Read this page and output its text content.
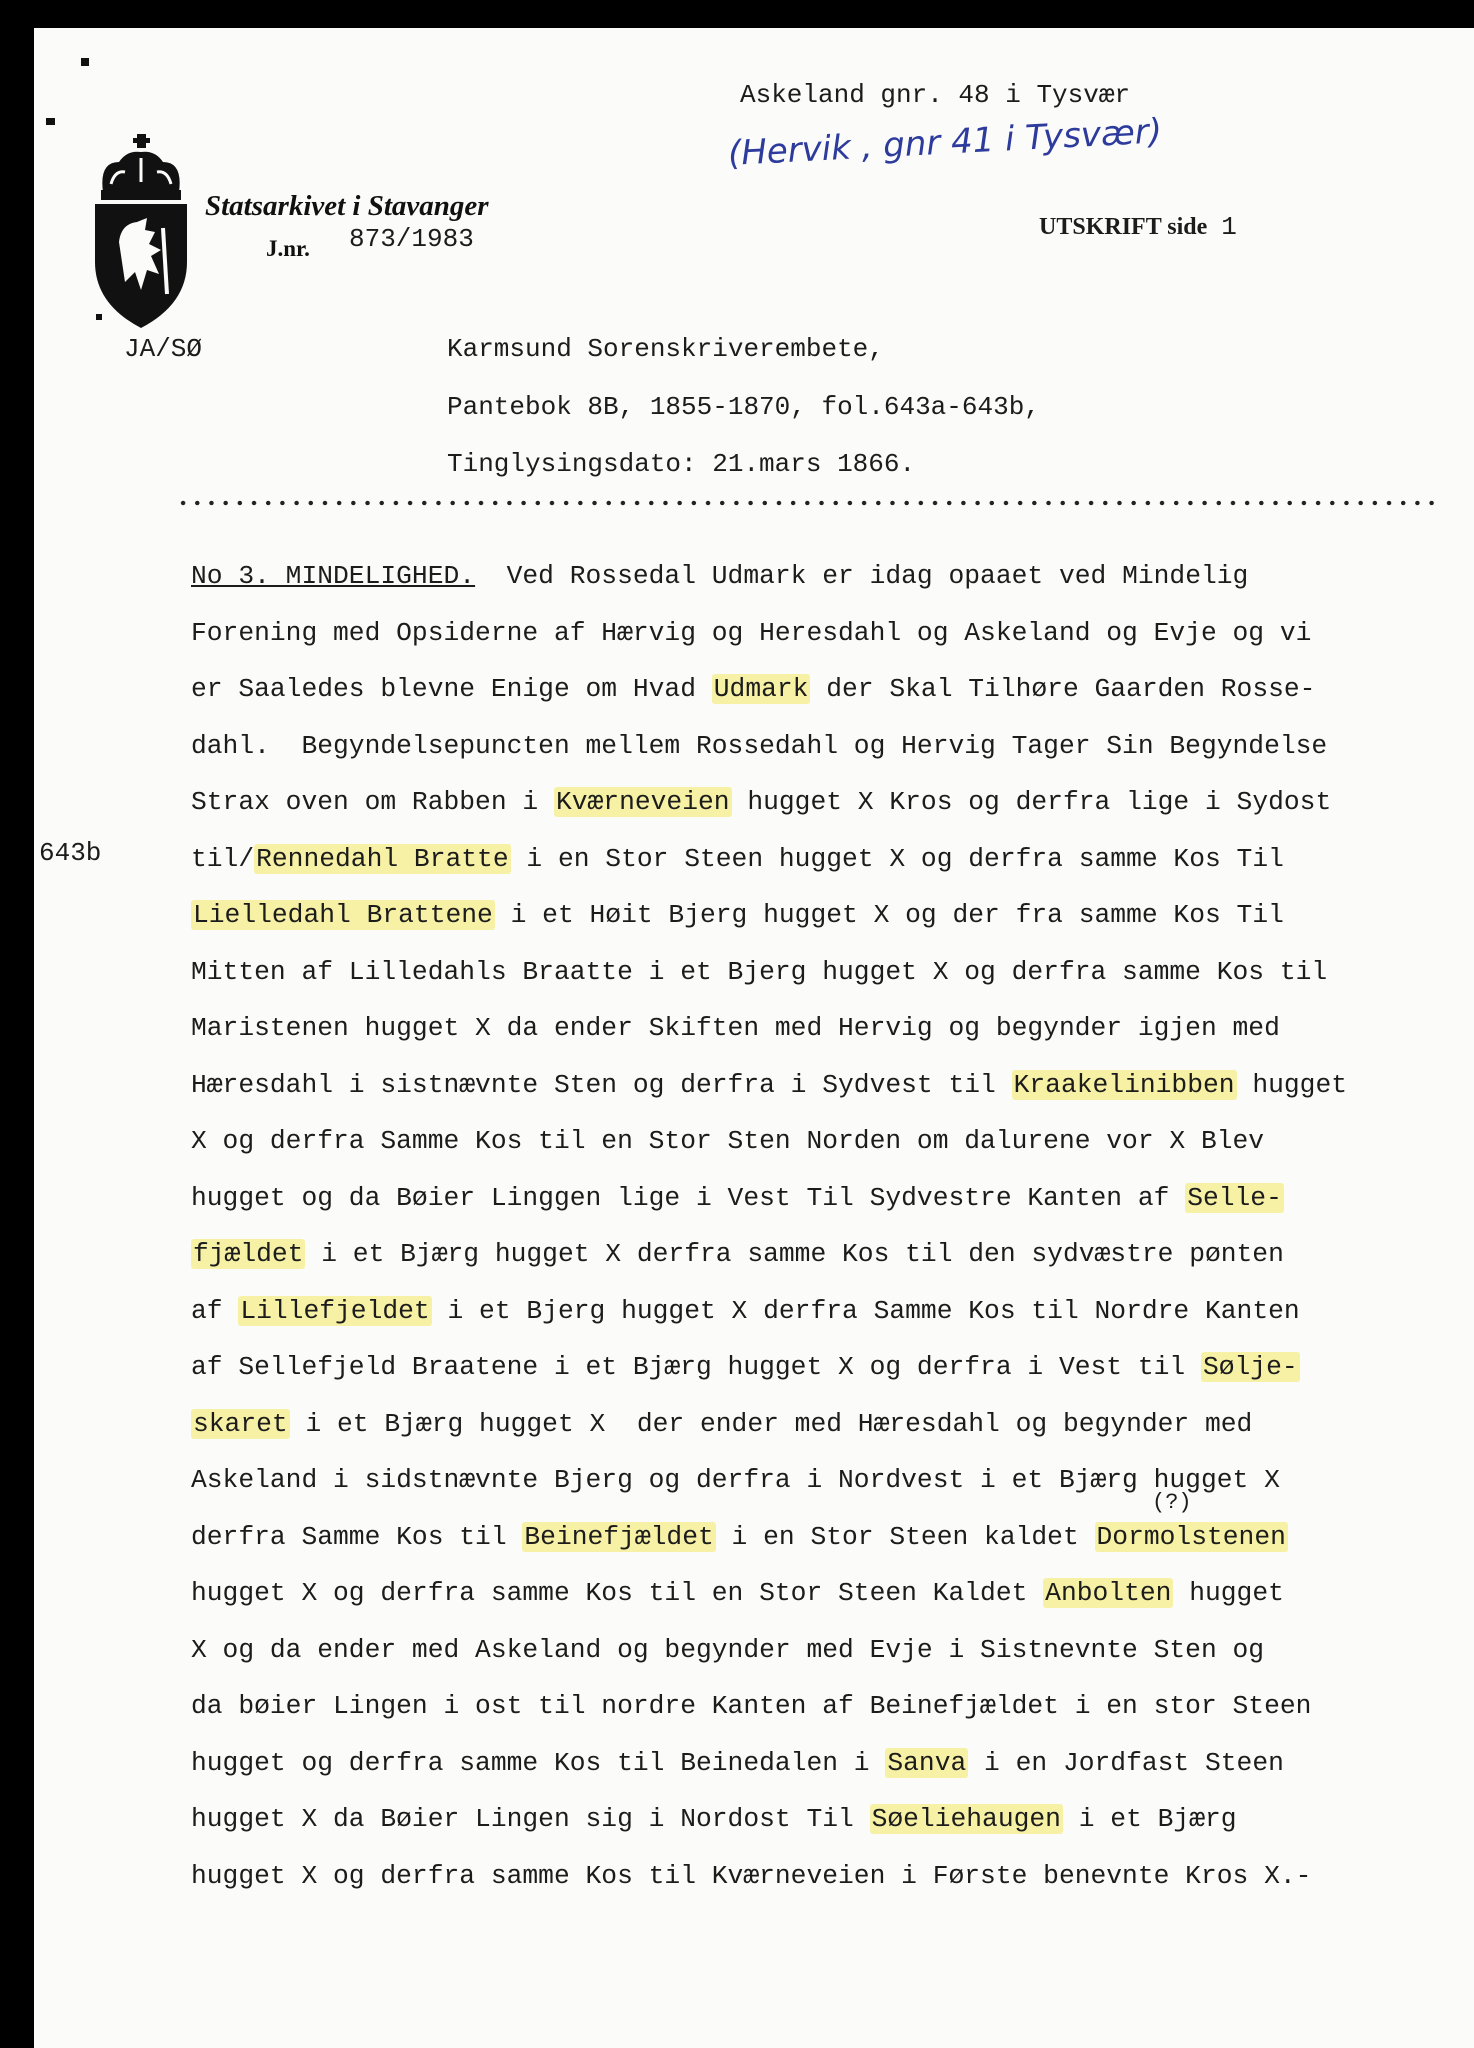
Statsarkivet i Stavanger
J.nr. 873/1983
Askeland gnr. 48 i Tysvær
(Hervik , gnr 41 i Tysvær)
UTSKRIFT side 1
JA/SØ	Karmsund Sorenskriverembete,
Pantebok 8B, 1855-1870, fol.643a-643b,
Tinglysingsdato: 21.mars 1866.
643b
(?)
No 3. MINDELIGHED.  Ved Rossedal Udmark er idag opaaet ved Mindelig
Forening med Opsiderne af Hærvig og Heresdahl og Askeland og Evje og vi
er Saaledes blevne Enige om Hvad Udmark der Skal Tilhøre Gaarden Rosse-
dahl.  Begyndelsepuncten mellem Rossedahl og Hervig Tager Sin Begyndelse
Strax oven om Rabben i Kværneveien hugget X Kros og derfra lige i Sydost
til/Rennedahl Bratte i en Stor Steen hugget X og derfra samme Kos Til
Lielledahl Brattene i et Høit Bjerg hugget X og der fra samme Kos Til
Mitten af Lilledahls Braatte i et Bjerg hugget X og derfra samme Kos til
Maristenen hugget X da ender Skiften med Hervig og begynder igjen med
Hæresdahl i sistnævnte Sten og derfra i Sydvest til Kraakelinibben hugget
X og derfra Samme Kos til en Stor Sten Norden om dalurene vor X Blev
hugget og da Bøier Linggen lige i Vest Til Sydvestre Kanten af Selle-
fjældet i et Bjærg hugget X derfra samme Kos til den sydvæstre pønten
af Lillefjeldet i et Bjerg hugget X derfra Samme Kos til Nordre Kanten
af Sellefjeld Braatene i et Bjærg hugget X og derfra i Vest til Sølje-
skaret i et Bjærg hugget X  der ender med Hæresdahl og begynder med
Askeland i sidstnævnte Bjerg og derfra i Nordvest i et Bjærg hugget X
derfra Samme Kos til Beinefjældet i en Stor Steen kaldet Dormolstenen
hugget X og derfra samme Kos til en Stor Steen Kaldet Anbolten hugget
X og da ender med Askeland og begynder med Evje i Sistnevnte Sten og
da bøier Lingen i ost til nordre Kanten af Beinefjældet i en stor Steen
hugget og derfra samme Kos til Beinedalen i Sanva i en Jordfast Steen
hugget X da Bøier Lingen sig i Nordost Til Søeliehaugen i et Bjærg
hugget X og derfra samme Kos til Kværneveien i Første benevnte Kros X.-
